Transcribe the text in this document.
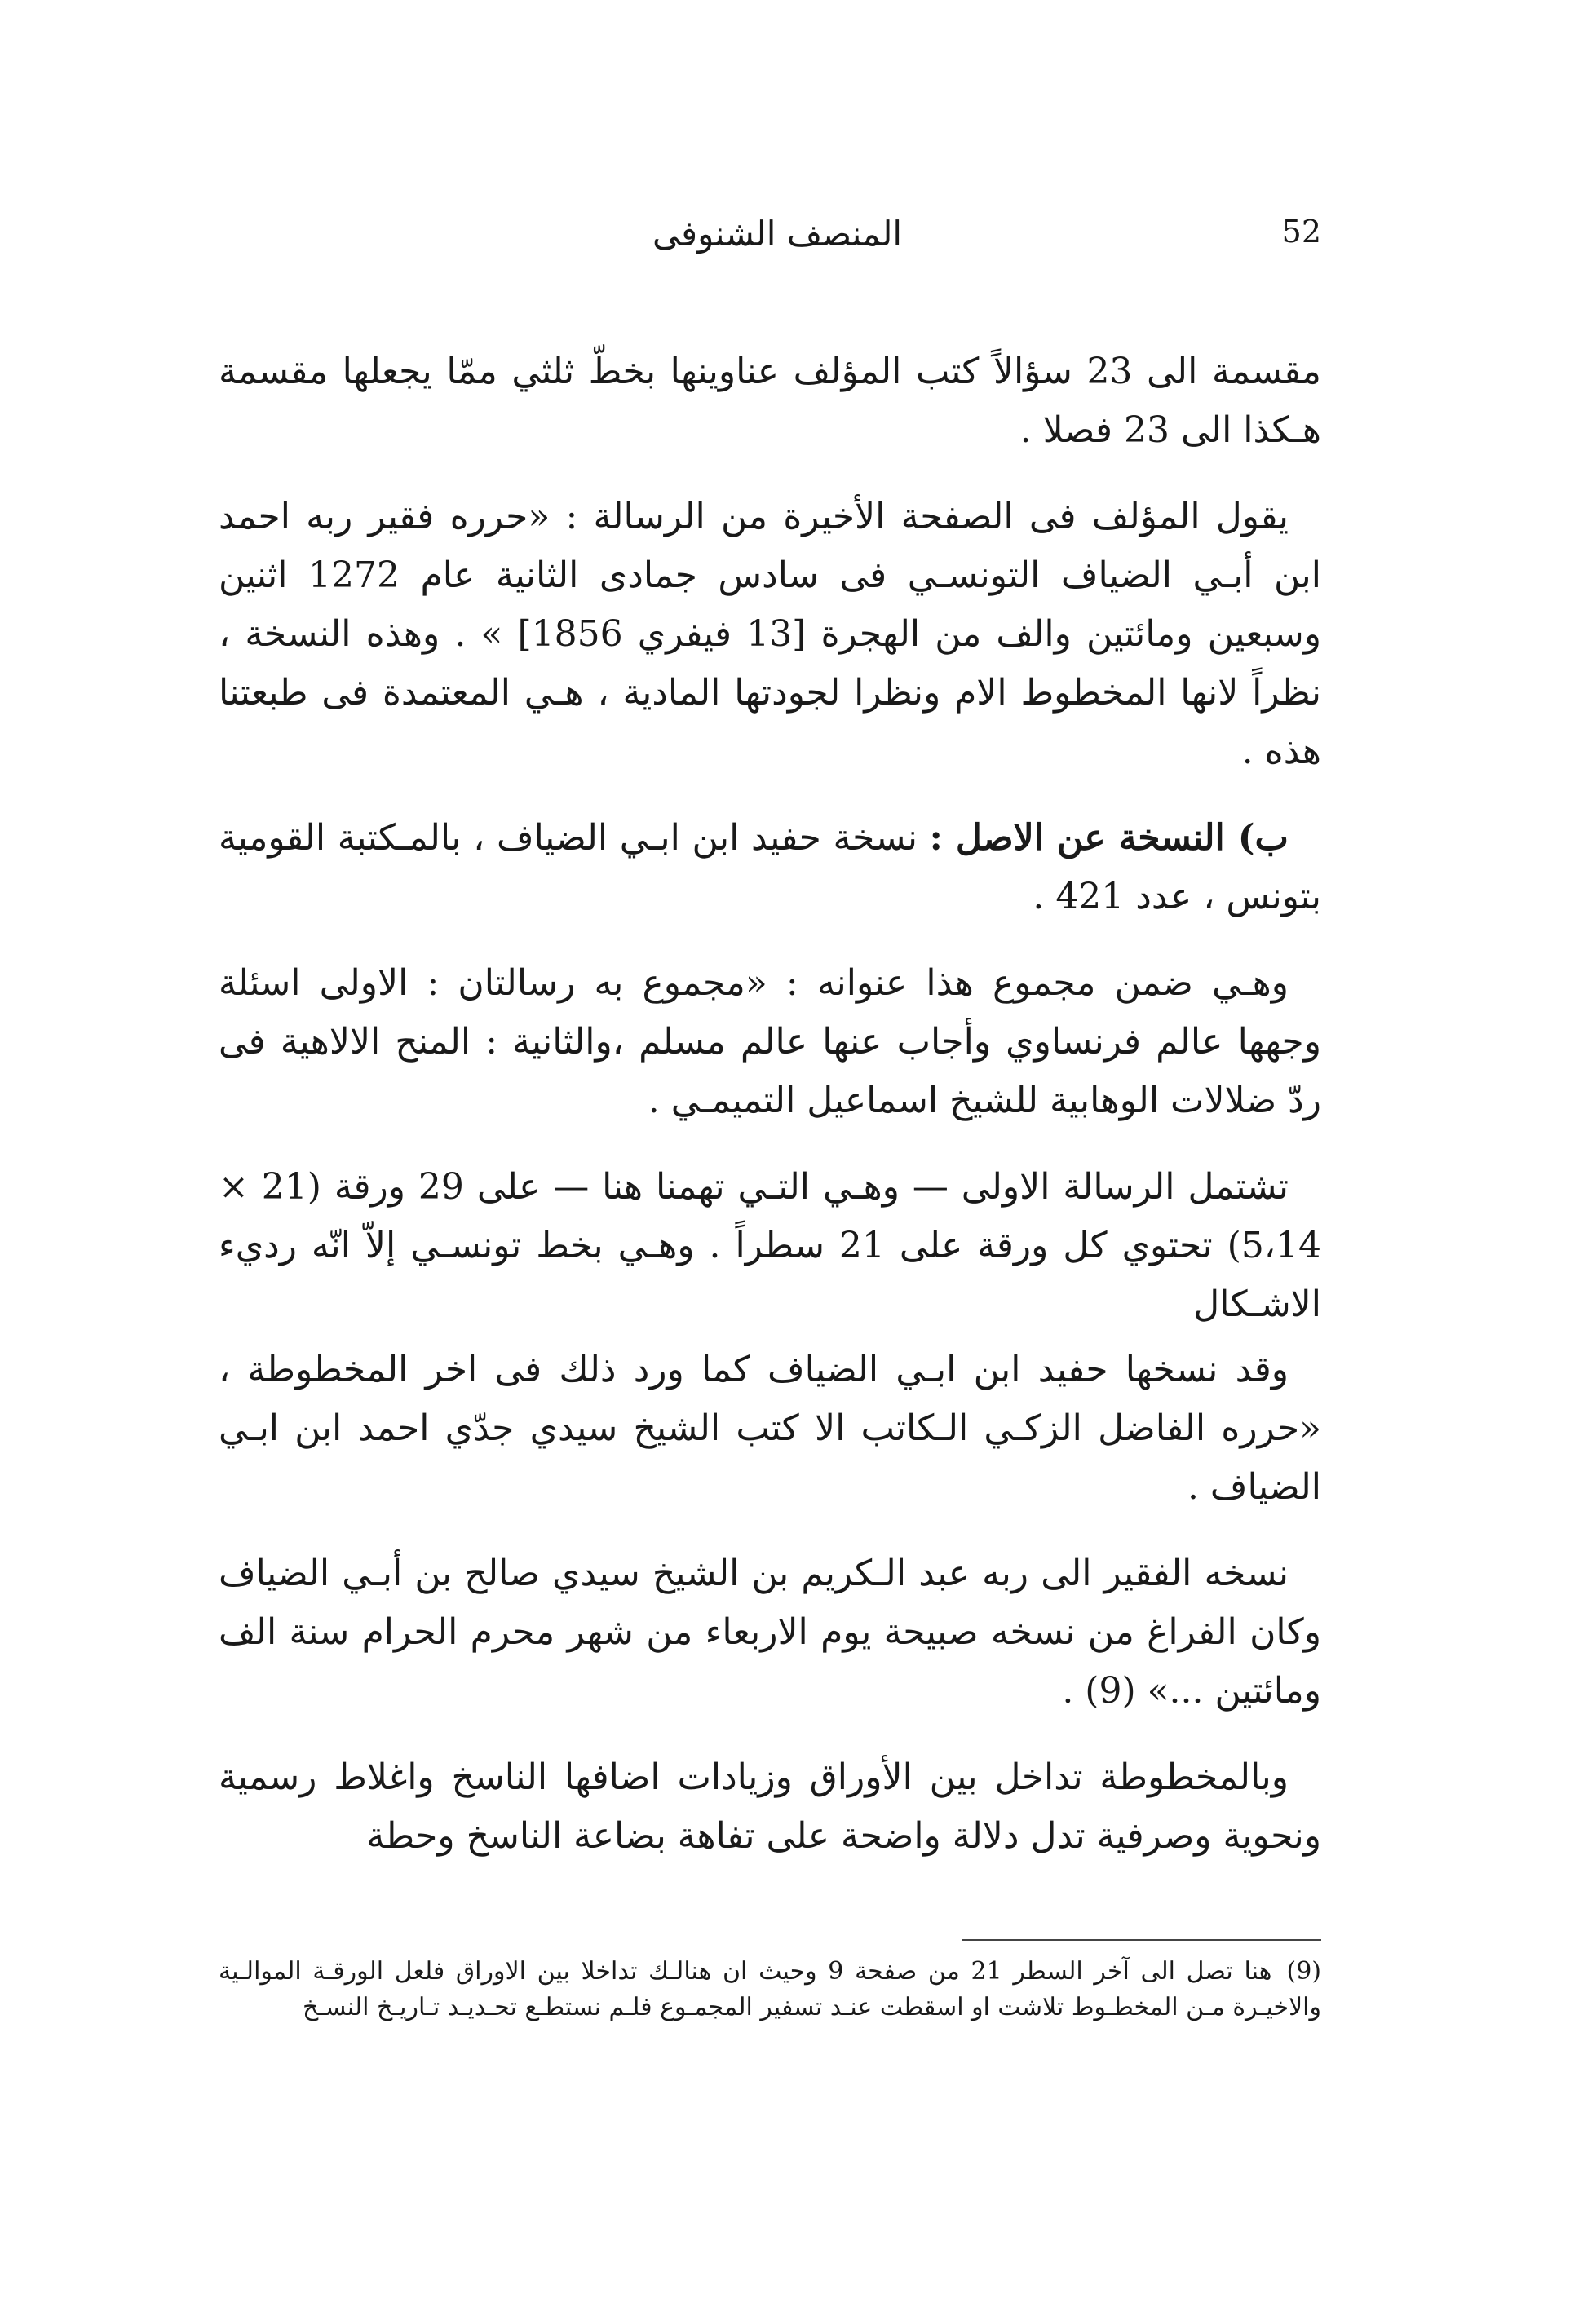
52
المنصف الشنوفى

مقسمة الى 23 سؤالاً كتب المؤلف عناوينها بخطّ ثلثي ممّا يجعلها مقسمة هـكذا الى 23 فصلا .

يقول المؤلف فى الصفحة الأخيرة من الرسالة : «حرره فقير ربه احمد ابن أبـي الضياف التونسـي فى سادس جمادى الثانية عام 1272 اثنين وسبعين ومائتين والف من الهجرة [13 فيفري 1856] » . وهذه النسخة ، نظراً لانها المخطوط الام ونظرا لجودتها المادية ، هـي المعتمدة فى طبعتنا هذه .

ب) النسخة عن الاصل : نسخة حفيد ابن ابـي الضياف ، بالمـكتبة القومية بتونس ، عدد 421 .

وهـي ضمن مجموع هذا عنوانه : «مجموع به رسالتان : الاولى اسئلة وجهها عالم فرنساوي وأجاب عنها عالم مسلم ،والثانية : المنح الالاهية فى ردّ ضلالات الوهابية للشيخ اسماعيل التميمـي .

تشتمل الرسالة الاولى — وهـي التـي تهمنا هنا — على 29 ورقة (21 × 5،14) تحتوي كل ورقة على 21 سطراً . وهـي بخط تونسـي إلاّ انّه رديء الاشـكال

وقد نسخها حفيد ابن ابـي الضياف كما ورد ذلك فى اخر المخطوطة ، «حرره الفاضل الزكـي الـكاتب الا كتب الشيخ سيدي جدّي احمد ابن ابـي الضياف .

نسخه الفقير الى ربه عبد الـكريم بن الشيخ سيدي صالح بن أبـي الضياف وكان الفراغ من نسخه صبيحة يوم الاربعاء من شهر محرم الحرام سنة الف ومائتين ...» (9) .

وبالمخطوطة تداخل بين الأوراق وزيادات اضافها الناسخ واغلاط رسمية ونحوية وصرفية تدل دلالة واضحة على تفاهة بضاعة الناسخ وحطة

(9)هنا تصل الى آخر السطر 21 من صفحة 9 وحيث ان هنالـك تداخلا بين الاوراق فلعل الورقـة الموالـية والاخيـرة مـن المخطـوط تلاشت او اسقطت عنـد تسفير المجمـوع فلـم نستطـع تحـديـد تـاريـخ النسـخ
